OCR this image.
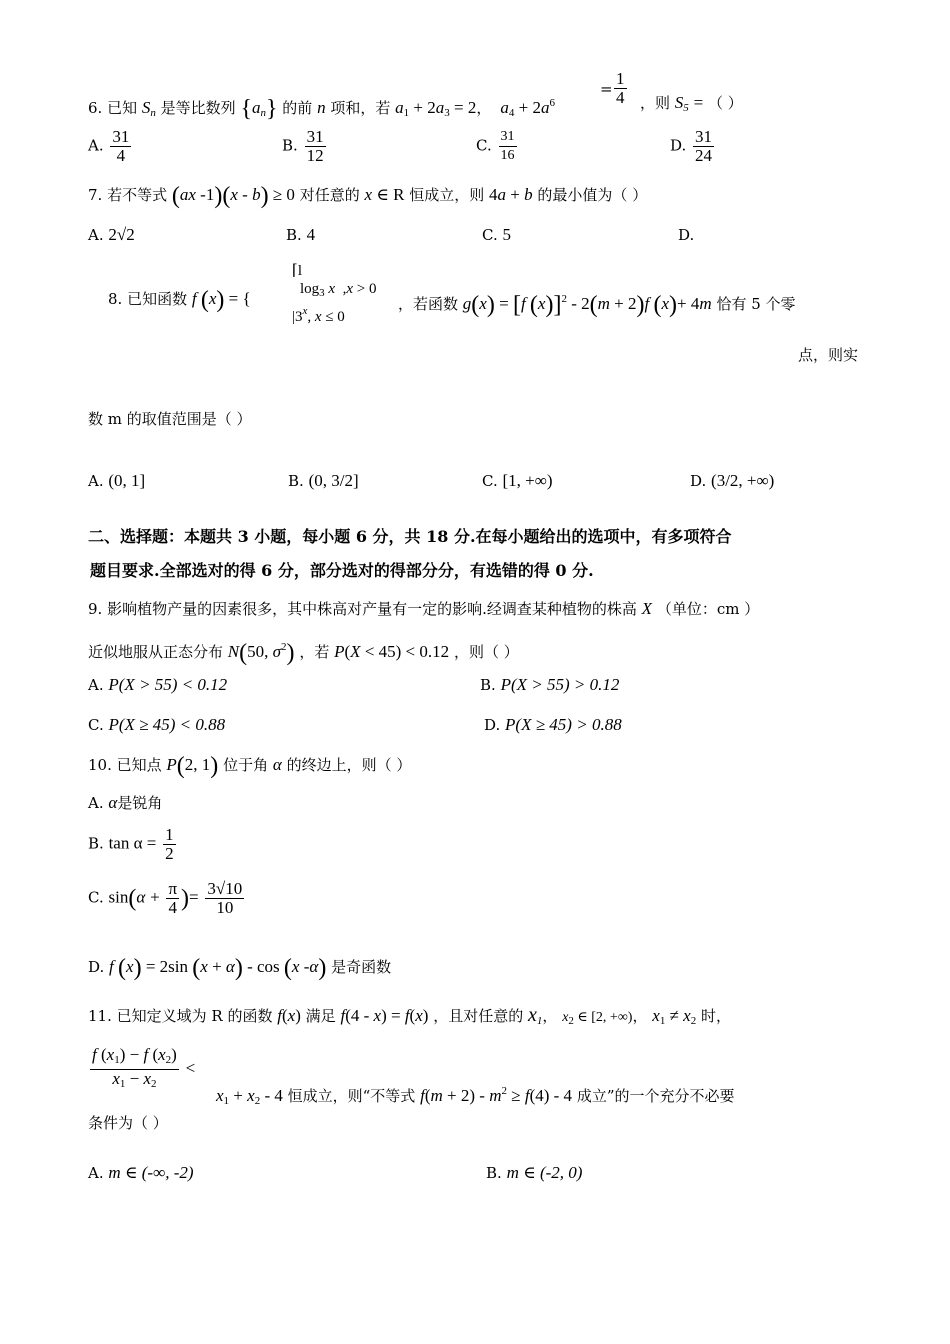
6. 已知 $S_n$ 是等比数列 $\{a_n\}$ 的前 n 项和，若 $a_1 + 2a_3 = 2$，  $a_4 + 2a^6$	$\frac{1}{4}$
=
，则 $S_5$ = （ ）
A. $\frac{31}{4}$	B. $\frac{31}{12}$	C. $\frac{31}{16}$	D. $\frac{31}{24}$
7. 若不等式 (ax -1)(x - b) ≥ 0 对任意的 x ∈ R 恒成立，则 4a + b 的最小值为（ ）
A. 2√2	B. 4	C. 5	D.
8. 已知函数 f (x) = {
⌈l
$\log_3 x$  ,x > 0
|3$^x$, x ≤ 0
，若函数 g(x) = [f (x)]$^2$ - 2(m + 2)f (x)+ 4m 恰有 5 个零
点，则实
数 m 的取值范围是（ ）
A. (0, 1]	B. (0, 3/2]	C. [1, +∞)	D. (3/2, +∞)
二、选择题：本题共 3 小题，每小题 6 分，共 18 分.在每小题给出的选项中，有多项符合
题目要求.全部选对的得 6 分，部分选对的得部分分，有选错的得 0 分.
9. 影响植物产量的因素很多，其中株高对产量有一定的影响.经调查某种植物的株高 X （单位：cm ）
近似地服从正态分布 N(50, $\sigma^2$) ，若 P(X < 45) < 0.12 ，则（ ）
A. P(X > 55) < 0.12	B. P(X > 55) > 0.12
C. P(X ≥ 45) < 0.88	D. P(X ≥ 45) > 0.88
10. 已知点 P(2, 1) 位于角 α 的终边上，则（ ）
A. α是锐角
B. $\tan \alpha = \frac{1}{2}$
C. $\sin(\alpha + \frac{\pi}{4}$ )= $\frac{3√10}{10}$
D. f (x) = 2sin (x + α) - cos (x -α) 是奇函数
11. 已知定义域为 R 的函数 f(x) 满足 f(4 - x) = f(x) ，且对任意的 $x_1$， $x_2$ ∈ [2, +∞)， $x_1 \ne x_2$ 时，
$\frac{f (x_1) - f (x_2)}{x_1 - x_2}$ <
$x_1 + x_2 - 4$ 恒成立，则“不等式 $f(m + 2) - m^2 \ge f(4) - 4$ 成立”的一个充分不必要
条件为（ ）
A. m ∈ (-∞, -2)	B. m ∈ (-2, 0)
